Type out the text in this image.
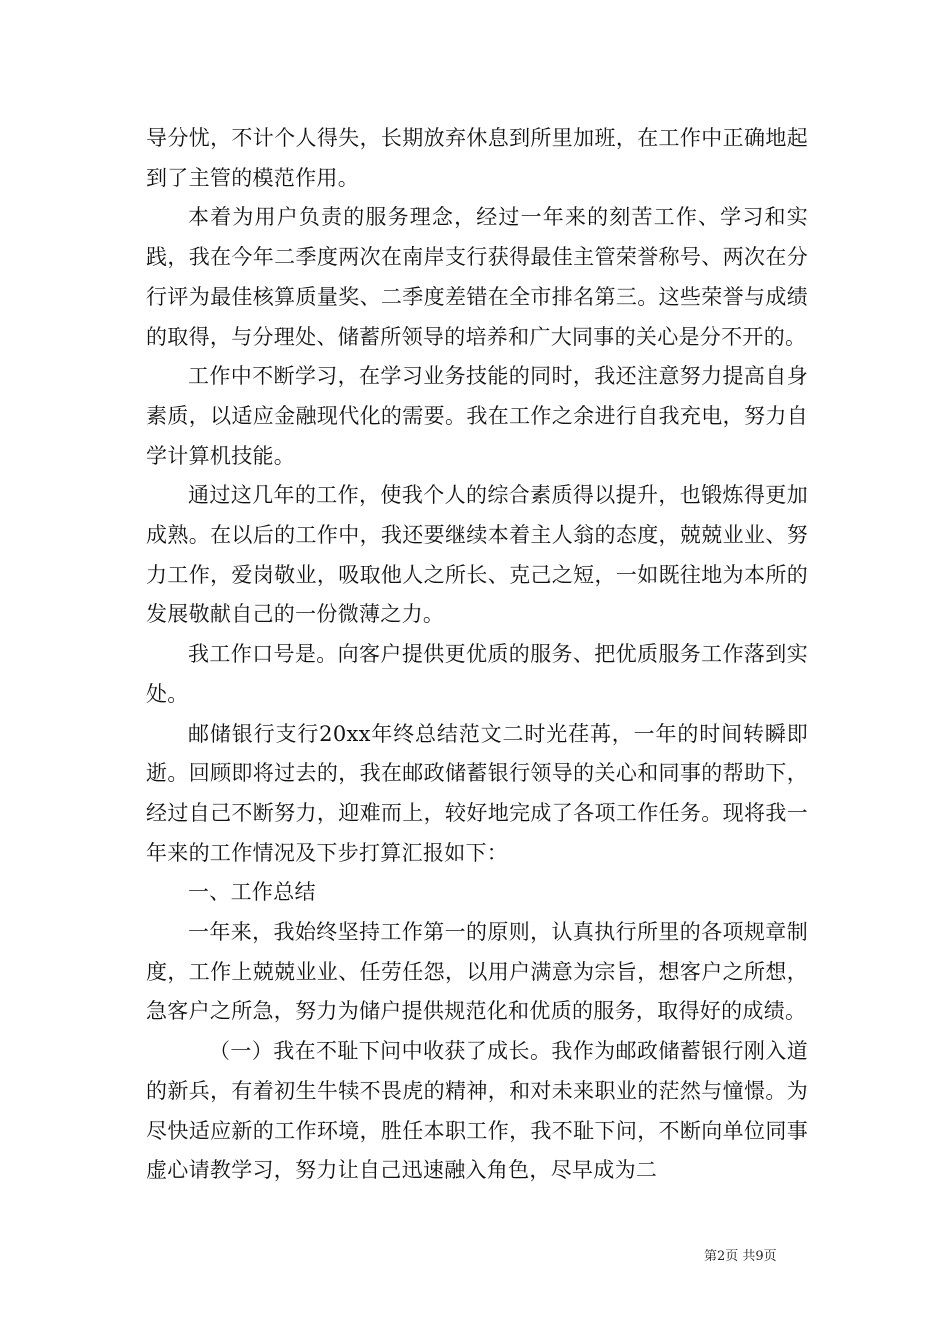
导分忧，不计个人得失，长期放弃休息到所里加班，在工作中正确地起到了主管的模范作用。

本着为用户负责的服务理念，经过一年来的刻苦工作、学习和实践，我在今年二季度两次在南岸支行获得最佳主管荣誉称号、两次在分行评为最佳核算质量奖、二季度差错在全市排名第三。这些荣誉与成绩的取得，与分理处、储蓄所领导的培养和广大同事的关心是分不开的。

工作中不断学习，在学习业务技能的同时，我还注意努力提高自身素质，以适应金融现代化的需要。我在工作之余进行自我充电，努力自学计算机技能。

通过这几年的工作，使我个人的综合素质得以提升，也锻炼得更加成熟。在以后的工作中，我还要继续本着主人翁的态度，兢兢业业、努力工作，爱岗敬业，吸取他人之所长、克己之短，一如既往地为本所的发展敬献自己的一份微薄之力。

我工作口号是。向客户提供更优质的服务、把优质服务工作落到实处。

邮储银行支行20xx年终总结范文二时光荏苒，一年的时间转瞬即逝。回顾即将过去的，我在邮政储蓄银行领导的关心和同事的帮助下，经过自己不断努力，迎难而上，较好地完成了各项工作任务。现将我一年来的工作情况及下步打算汇报如下：

一、工作总结

一年来，我始终坚持工作第一的原则，认真执行所里的各项规章制度，工作上兢兢业业、任劳任怨，以用户满意为宗旨，想客户之所想，急客户之所急，努力为储户提供规范化和优质的服务，取得好的成绩。

（一）我在不耻下问中收获了成长。我作为邮政储蓄银行刚入道的新兵，有着初生牛犊不畏虎的精神，和对未来职业的茫然与憧憬。为尽快适应新的工作环境，胜任本职工作，我不耻下问，不断向单位同事虚心请教学习，努力让自己迅速融入角色，尽早成为二

第2页 共9页
